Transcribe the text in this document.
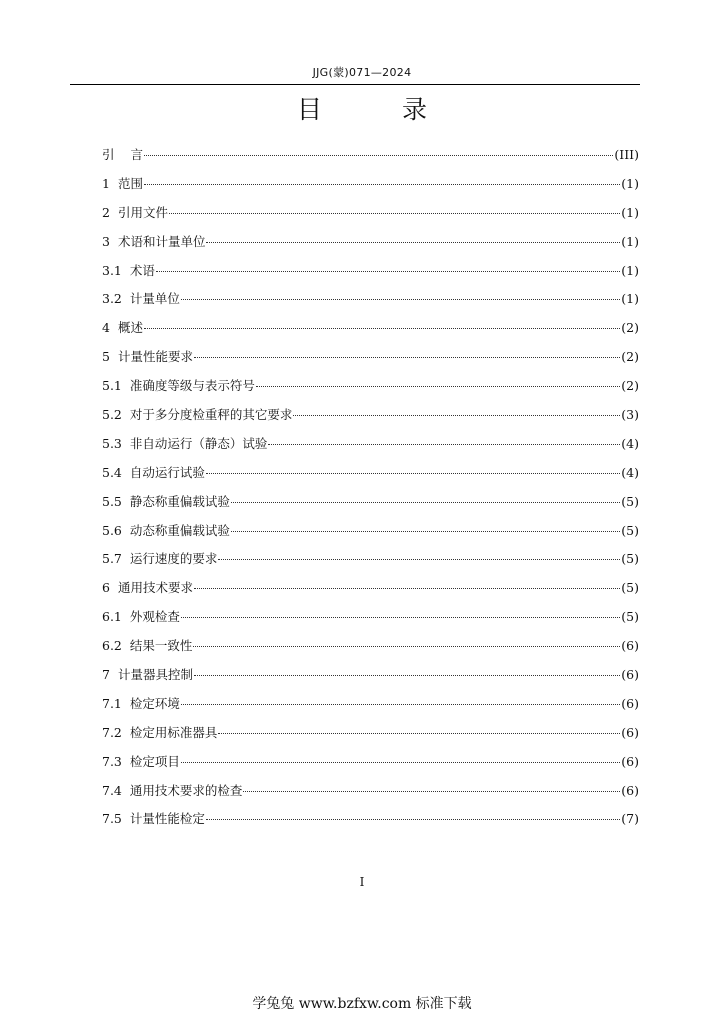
JJG(蒙)071—2024
目 录
引 言	(III)
1 范围	(1)
2 引用文件	(1)
3 术语和计量单位	(1)
3.1 术语	(1)
3.2 计量单位	(1)
4 概述	(2)
5 计量性能要求	(2)
5.1 准确度等级与表示符号	(2)
5.2 对于多分度检重秤的其它要求	(3)
5.3 非自动运行（静态）试验	(4)
5.4 自动运行试验	(4)
5.5 静态称重偏载试验	(5)
5.6 动态称重偏载试验	(5)
5.7 运行速度的要求	(5)
6 通用技术要求	(5)
6.1 外观检查	(5)
6.2 结果一致性	(6)
7 计量器具控制	(6)
7.1 检定环境	(6)
7.2 检定用标准器具	(6)
7.3 检定项目	(6)
7.4 通用技术要求的检查	(6)
7.5 计量性能检定	(7)
I
学兔兔 www.bzfxw.com 标准下载
